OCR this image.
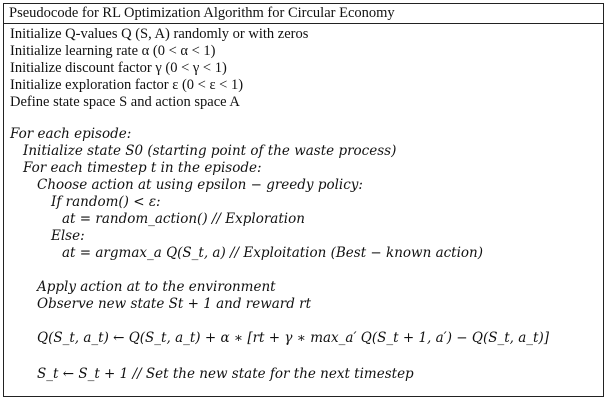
Pseudocode for RL Optimization Algorithm for Circular Economy
Initialize Q-values Q (S, A) randomly or with zeros
Initialize learning rate α (0 < α < 1)
Initialize discount factor γ (0 < γ < 1)
Initialize exploration factor ε (0 < ε < 1)
Define state space S and action space A
For each episode:
Initialize state S0 (starting point of the waste process)
For each timestep t in the episode:
Choose action at using epsilon − greedy policy:
If random() < ε:
at = random_action() // Exploration
Else:
at = argmax_a Q(S_t, a) // Exploitation (Best − known action)
Apply action at to the environment
Observe new state St + 1 and reward rt
Q(S_t, a_t) ← Q(S_t, a_t) + α ∗ [rt + γ ∗ max_a′ Q(S_t + 1, a′) − Q(S_t, a_t)]
S_t ← S_t + 1 // Set the new state for the next timestep
